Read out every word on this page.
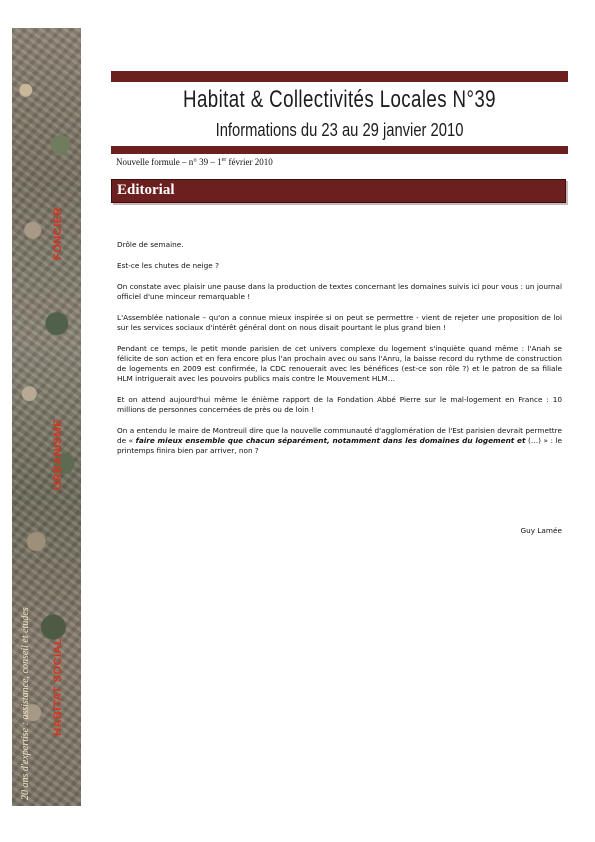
FONCIER
URBANISME
HABITAT SOCIAL
20 ans d'expertise : assistance, conseil et études
Habitat & Collectivités Locales N°39
Informations du 23 au 29 janvier 2010
Nouvelle formule – n° 39 – 1er février 2010
Editorial

Drôle de semaine.

Est-ce les chutes de neige ?

On constate avec plaisir une pause dans la production de textes concernant les domaines suivis ici pour vous : un journal officiel d'une minceur remarquable !

L'Assemblée nationale – qu'on a connue mieux inspirée si on peut se permettre - vient de rejeter une proposition de loi sur les services sociaux d'intérêt général dont on nous disait pourtant le plus grand bien !

Pendant ce temps, le petit monde parisien de cet univers complexe du logement s'inquiète quand même : l'Anah se félicite de son action et en fera encore plus l'an prochain avec ou sans l'Anru, la baisse record du rythme de construction de logements en 2009 est confirmée, la CDC renouerait avec les bénéfices (est-ce son rôle ?) et le patron de sa filiale HLM intriguerait avec les pouvoirs publics mais contre le Mouvement HLM…

Et on attend aujourd'hui même le énième rapport de la Fondation Abbé Pierre sur le mal-logement en France : 10 millions de personnes concernées de près ou de loin !

On a entendu le maire de Montreuil dire que la nouvelle communauté d'agglomération de l'Est parisien devrait permettre de « faire mieux ensemble que chacun séparément, notamment dans les domaines du logement et (…) » : le printemps finira bien par arriver, non ?

Guy Lamée
